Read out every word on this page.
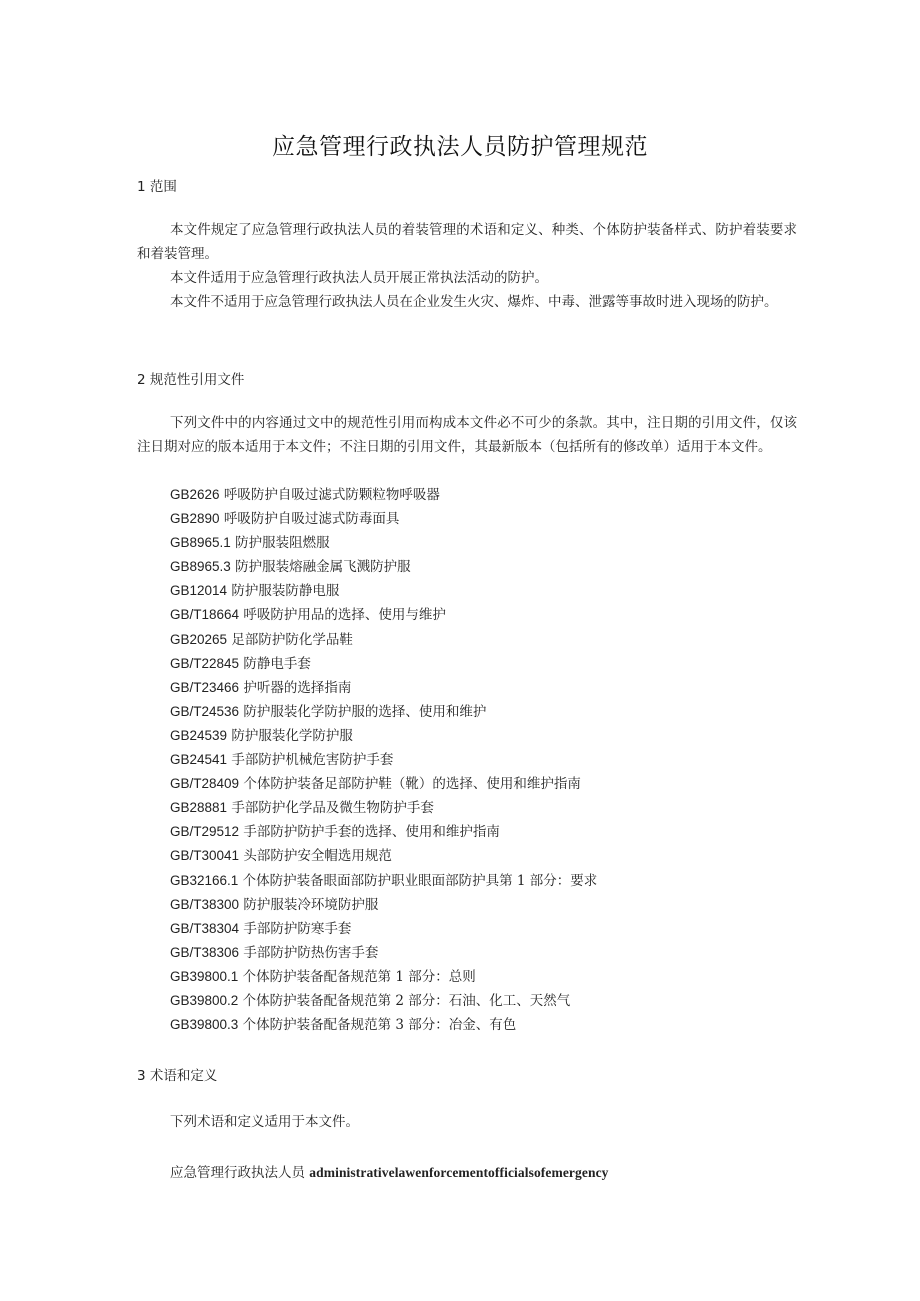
应急管理行政执法人员防护管理规范
1 范围
本文件规定了应急管理行政执法人员的着装管理的术语和定义、种类、个体防护装备样式、防护着装要求和着装管理。
本文件适用于应急管理行政执法人员开展正常执法活动的防护。
本文件不适用于应急管理行政执法人员在企业发生火灾、爆炸、中毒、泄露等事故时进入现场的防护。
2 规范性引用文件
下列文件中的内容通过文中的规范性引用而构成本文件必不可少的条款。其中，注日期的引用文件，仅该注日期对应的版本适用于本文件；不注日期的引用文件，其最新版本（包括所有的修改单）适用于本文件。
GB2626 呼吸防护自吸过滤式防颗粒物呼吸器
GB2890 呼吸防护自吸过滤式防毒面具
GB8965.1 防护服装阻燃服
GB8965.3 防护服装熔融金属飞溅防护服
GB12014 防护服装防静电服
GB/T18664 呼吸防护用品的选择、使用与维护
GB20265 足部防护防化学品鞋
GB/T22845 防静电手套
GB/T23466 护听器的选择指南
GB/T24536 防护服装化学防护服的选择、使用和维护
GB24539 防护服装化学防护服
GB24541 手部防护机械危害防护手套
GB/T28409 个体防护装备足部防护鞋（靴）的选择、使用和维护指南
GB28881 手部防护化学品及微生物防护手套
GB/T29512 手部防护防护手套的选择、使用和维护指南
GB/T30041 头部防护安全帽选用规范
GB32166.1 个体防护装备眼面部防护职业眼面部防护具第 1 部分：要求
GB/T38300 防护服装冷环境防护服
GB/T38304 手部防护防寒手套
GB/T38306 手部防护防热伤害手套
GB39800.1 个体防护装备配备规范第 1 部分：总则
GB39800.2 个体防护装备配备规范第 2 部分：石油、化工、天然气
GB39800.3 个体防护装备配备规范第 3 部分：冶金、有色
3 术语和定义
下列术语和定义适用于本文件。
应急管理行政执法人员 administrativelawenforcementofficialsofemergency
